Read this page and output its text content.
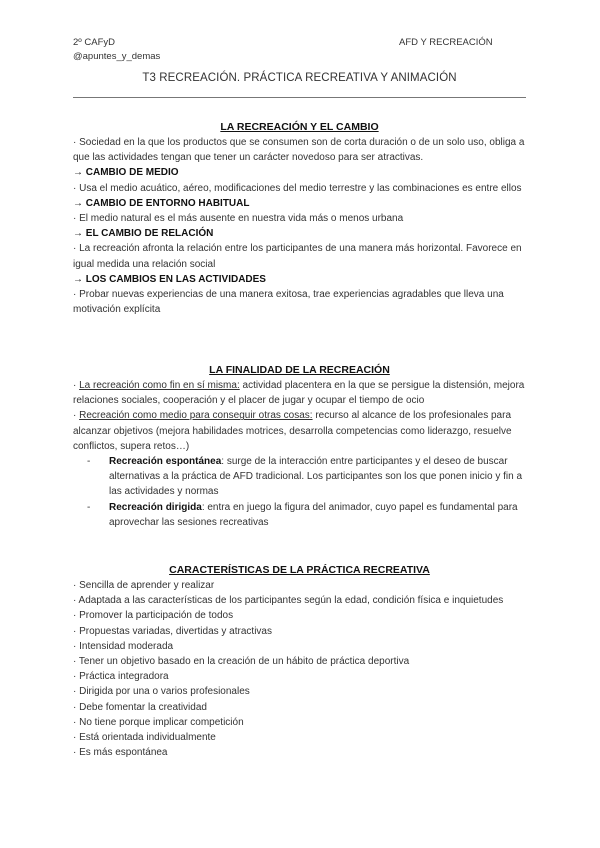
2º CAFyD
@apuntes_y_demas
AFD Y RECREACIÓN
T3 RECREACIÓN. PRÁCTICA RECREATIVA Y ANIMACIÓN
LA RECREACIÓN Y EL CAMBIO

· Sociedad en la que los productos que se consumen son de corta duración o de un solo uso, obliga a que las actividades tengan que tener un carácter novedoso para ser atractivas.

→ CAMBIO DE MEDIO

· Usa el medio acuático, aéreo, modificaciones del medio terrestre y las combinaciones es entre ellos

→ CAMBIO DE ENTORNO HABITUAL

· El medio natural es el más ausente en nuestra vida más o menos urbana

→ EL CAMBIO DE RELACIÓN

· La recreación afronta la relación entre los participantes de una manera más horizontal. Favorece en igual medida una relación social

→ LOS CAMBIOS EN LAS ACTIVIDADES

· Probar nuevas experiencias de una manera exitosa, trae experiencias agradables que lleva una motivación explícita

LA FINALIDAD DE LA RECREACIÓN

· La recreación como fin en sí misma: actividad placentera en la que se persigue la distensión, mejora relaciones sociales, cooperación y el placer de jugar y ocupar el tiempo de ocio

· Recreación como medio para conseguir otras cosas: recurso al alcance de los profesionales para alcanzar objetivos (mejora habilidades motrices, desarrolla competencias como liderazgo, resuelve conflictos, supera retos…)

- Recreación espontánea: surge de la interacción entre participantes y el deseo de buscar alternativas a la práctica de AFD tradicional. Los participantes son los que ponen inicio y fin a las actividades y normas
- Recreación dirigida: entra en juego la figura del animador, cuyo papel es fundamental para aprovechar las sesiones recreativas
CARACTERÍSTICAS DE LA PRÁCTICA RECREATIVA

· Sencilla de aprender y realizar

· Adaptada a las características de los participantes según la edad, condición física e inquietudes

· Promover la participación de todos

· Propuestas variadas, divertidas y atractivas

· Intensidad moderada

· Tener un objetivo basado en la creación de un hábito de práctica deportiva

· Práctica integradora

· Dirigida por una o varios profesionales

· Debe fomentar la creatividad

· No tiene porque implicar competición

· Está orientada individualmente

· Es más espontánea
